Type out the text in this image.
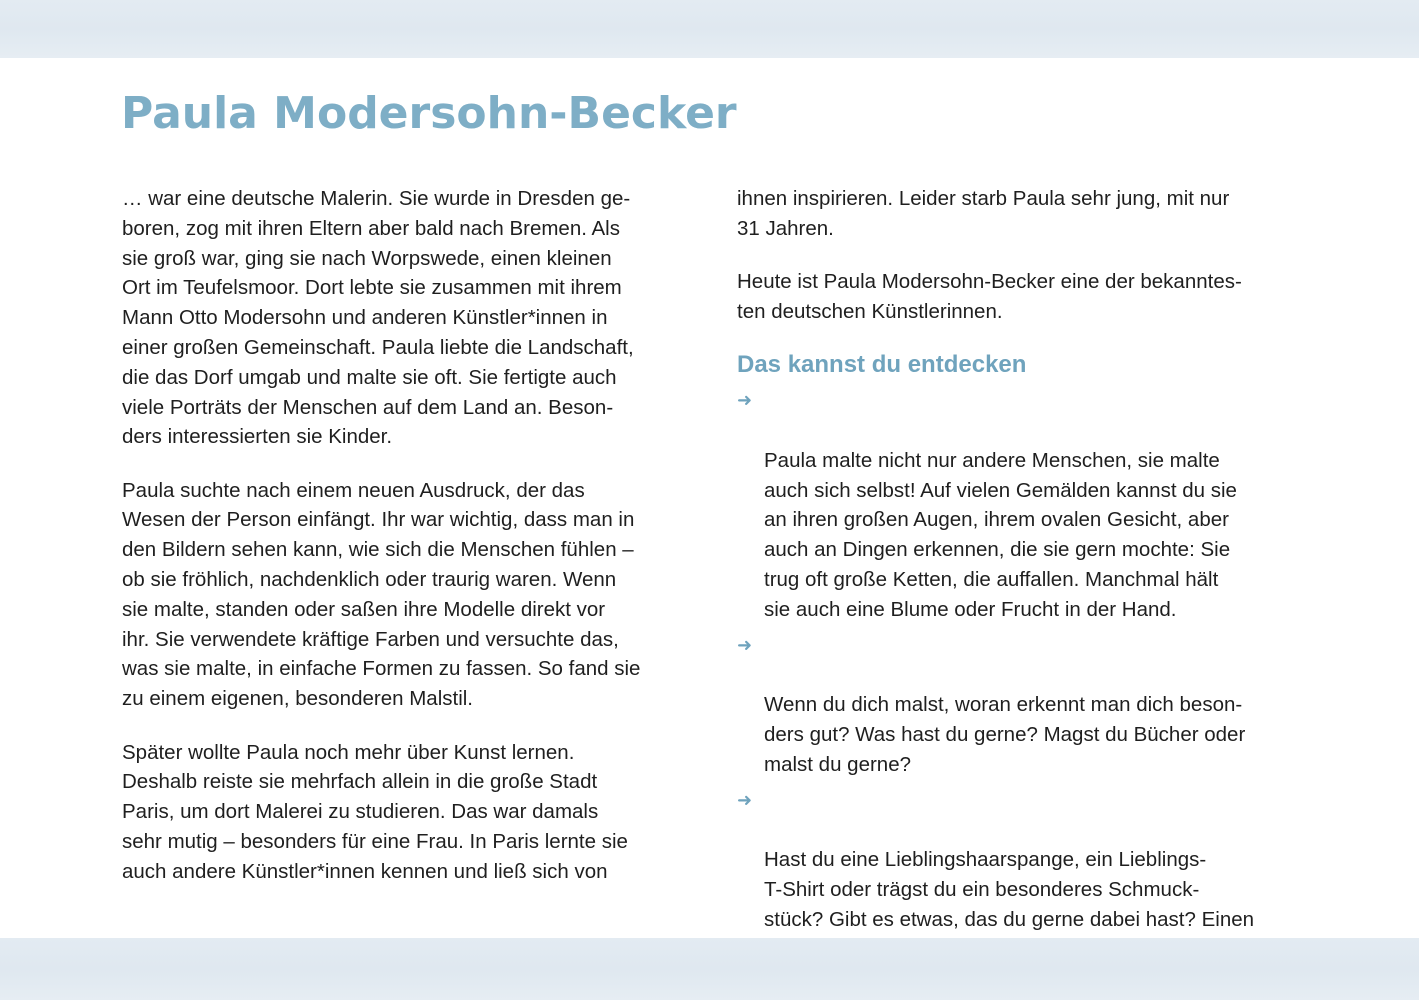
Paula Modersohn-Becker

… war eine deutsche Malerin. Sie wurde in Dresden ge-
boren, zog mit ihren Eltern aber bald nach Bremen. Als
sie groß war, ging sie nach Worpswede, einen kleinen
Ort im Teufelsmoor. Dort lebte sie zusammen mit ihrem
Mann Otto Modersohn und anderen Künstler*innen in
einer großen Gemeinschaft. Paula liebte die Landschaft,
die das Dorf umgab und malte sie oft. Sie fertigte auch
viele Porträts der Menschen auf dem Land an. Beson-
ders interessierten sie Kinder.

Paula suchte nach einem neuen Ausdruck, der das
Wesen der Person einfängt. Ihr war wichtig, dass man in
den Bildern sehen kann, wie sich die Menschen fühlen –
ob sie fröhlich, nachdenklich oder traurig waren. Wenn
sie malte, standen oder saßen ihre Modelle direkt vor
ihr. Sie verwendete kräftige Farben und versuchte das,
was sie malte, in einfache Formen zu fassen. So fand sie
zu einem eigenen, besonderen Malstil.

Später wollte Paula noch mehr über Kunst lernen.
Deshalb reiste sie mehrfach allein in die große Stadt
Paris, um dort Malerei zu studieren. Das war damals
sehr mutig – besonders für eine Frau. In Paris lernte sie
auch andere Künstler*innen kennen und ließ sich von

ihnen inspirieren. Leider starb Paula sehr jung, mit nur
31 Jahren.

Heute ist Paula Modersohn-Becker eine der bekanntes-
ten deutschen Künstlerinnen.

Das kannst du entdecken

➜

Paula malte nicht nur andere Menschen, sie malte
auch sich selbst! Auf vielen Gemälden kannst du sie
an ihren großen Augen, ihrem ovalen Gesicht, aber
auch an Dingen erkennen, die sie gern mochte: Sie
trug oft große Ketten, die auffallen. Manchmal hält
sie auch eine Blume oder Frucht in der Hand.

➜

Wenn du dich malst, woran erkennt man dich beson-
ders gut? Was hast du gerne? Magst du Bücher oder
malst du gerne?

➜

Hast du eine Lieblingshaarspange, ein Lieblings-
T-Shirt oder trägst du ein besonderes Schmuck-
stück? Gibt es etwas, das du gerne dabei hast? Einen
